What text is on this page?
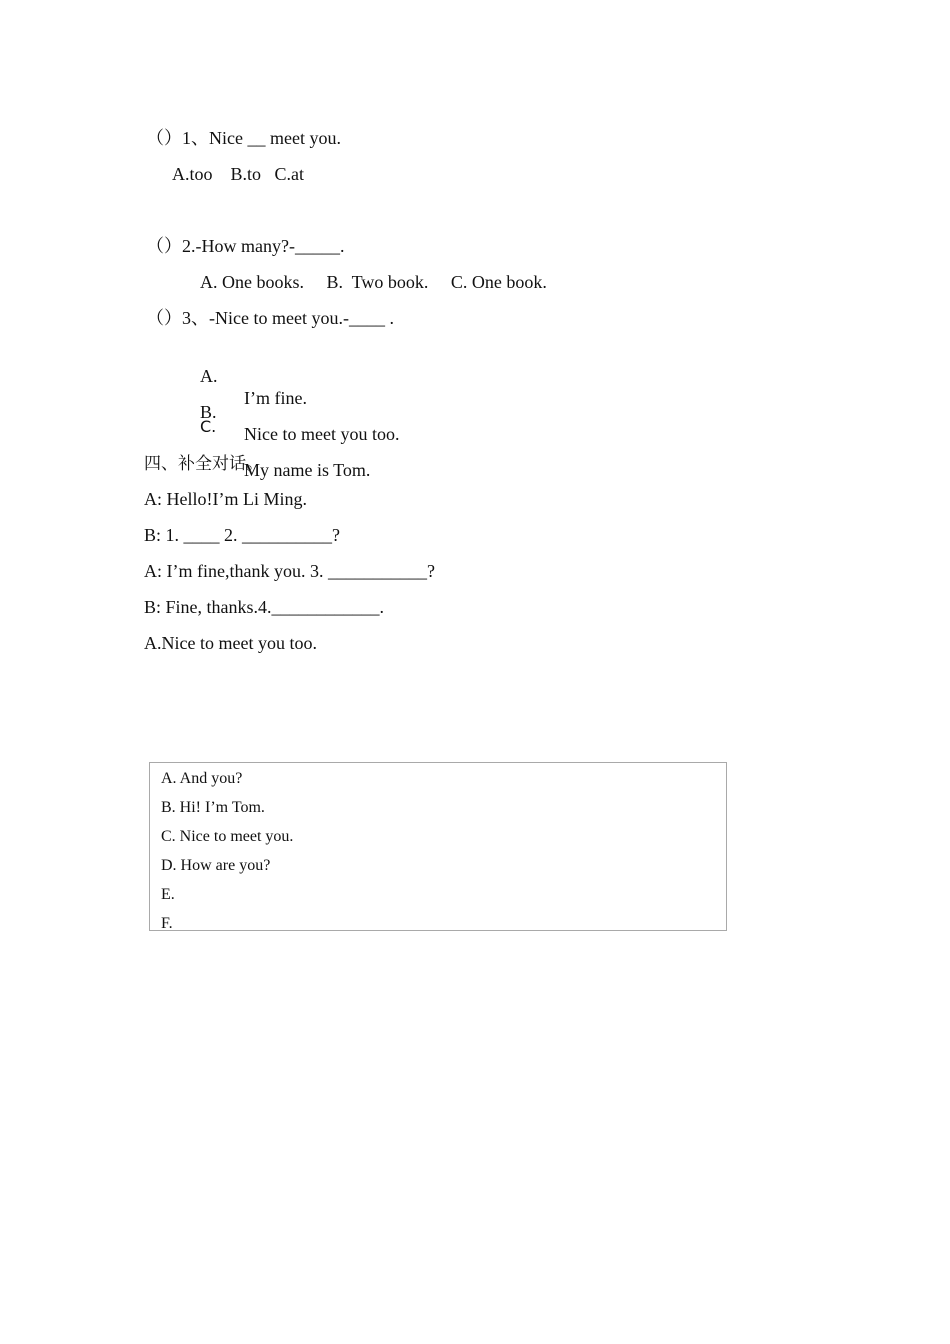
（）1、Nice __ meet you.
A.too    B.to   C.at
（）2.-How many?-_____.
A. One books.     B.  Two book.     C. One book.
（）3、-Nice to meet you.-____ .

A.

I’m fine.

B.

Nice to meet you too.

C.

My name is Tom.

四、补全对话。
A: Hello!I’m Li Ming.
B: 1. ____ 2. __________?
A: I’m fine,thank you. 3. ___________?
B: Fine, thanks.4.____________.
A.Nice to meet you too.
A. And you?
B. Hi! I’m Tom.
C. Nice to meet you.
D. How are you?
E.
F.
